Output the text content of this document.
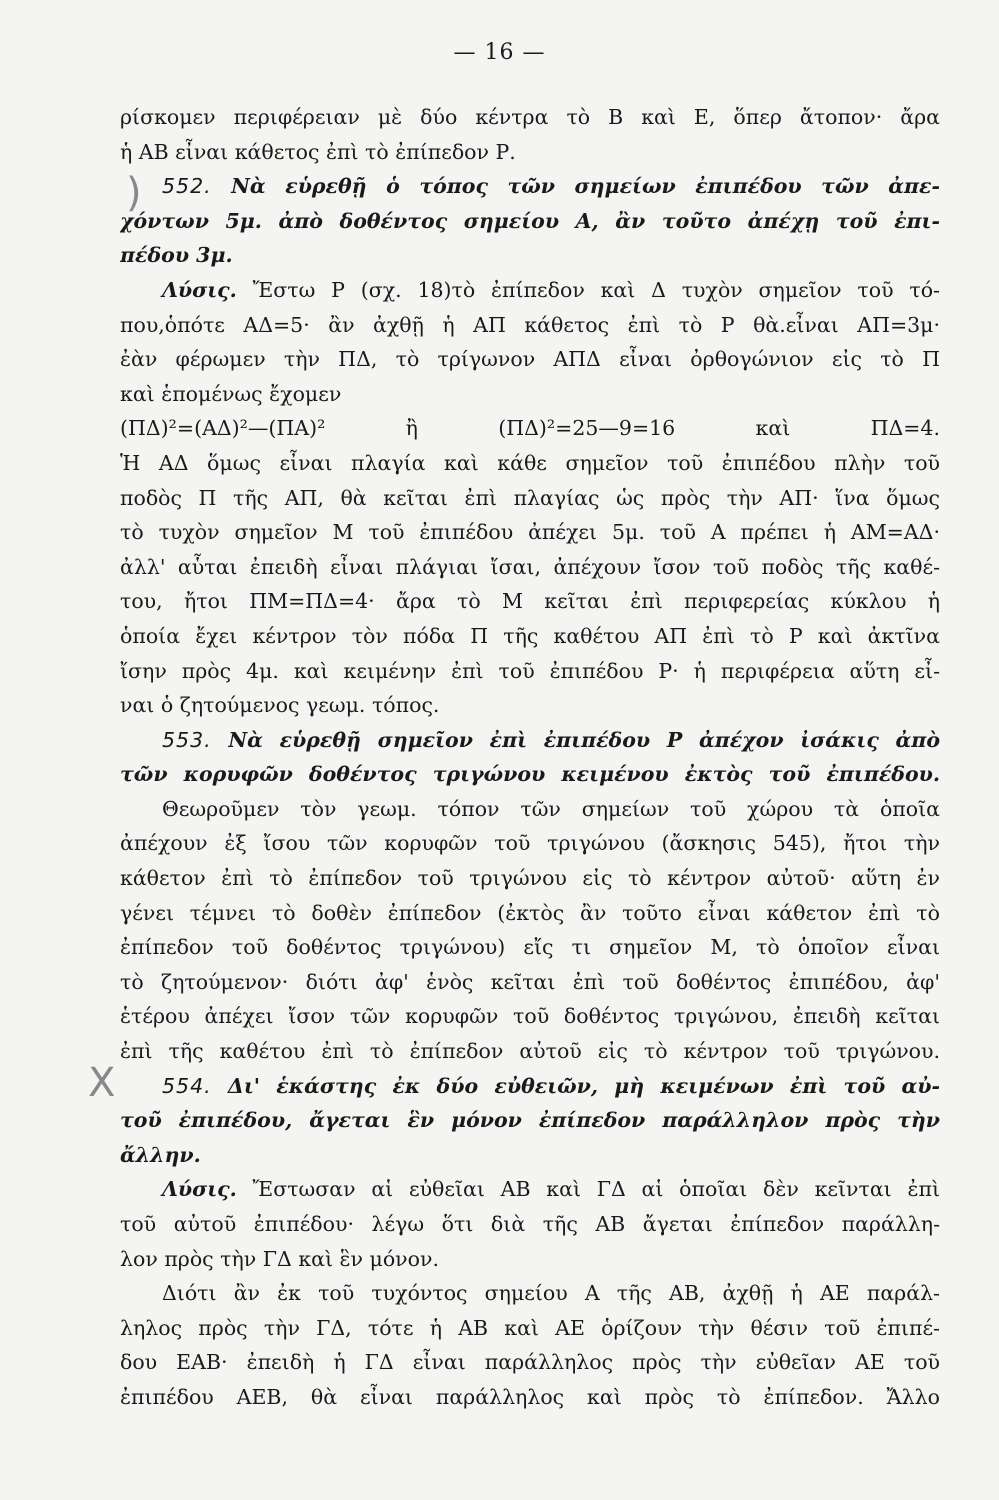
— 16 —
)
X
ρίσκομεν περιφέρειαν μὲ δύο κέντρα τὸ Β καὶ Ε, ὅπερ ἄτοπον· ἄρα
ἡ ΑΒ εἶναι κάθετος ἐπὶ τὸ ἐπίπεδον Ρ.
552. Νὰ εὑρεθῇ ὁ τόπος τῶν σημείων ἐπιπέδου τῶν ἀπε-
χόντων 5μ. ἀπὸ δοθέντος σημείου Α, ἂν τοῦτο ἀπέχῃ τοῦ ἐπι-
πέδου 3μ.
Λύσις. Ἔστω Ρ (σχ. 18)τὸ ἐπίπεδον καὶ Δ τυχὸν σημεῖον τοῦ τό-
που,ὁπότε ΑΔ=5· ἂν ἀχθῇ ἡ ΑΠ κάθετος ἐπὶ τὸ Ρ θὰ.εἶναι ΑΠ=3μ·
ἐὰν φέρωμεν τὴν ΠΔ, τὸ τρίγωνον ΑΠΔ εἶναι ὀρθογώνιον εἰς τὸ Π
καὶ ἑπομένως ἔχομεν
(ΠΔ)²=(ΑΔ)²—(ΠΑ)² ἢ (ΠΔ)²=25—9=16 καὶ ΠΔ=4.
Ἡ ΑΔ ὅμως εἶναι πλαγία καὶ κάθε σημεῖον τοῦ ἐπιπέδου πλὴν τοῦ
ποδὸς Π τῆς ΑΠ, θὰ κεῖται ἐπὶ πλαγίας ὡς πρὸς τὴν ΑΠ· ἵνα ὅμως
τὸ τυχὸν σημεῖον Μ τοῦ ἐπιπέδου ἀπέχει 5μ. τοῦ Α πρέπει ἡ ΑΜ=ΑΔ·
ἀλλ' αὗται ἐπειδὴ εἶναι πλάγιαι ἴσαι, ἀπέχουν ἴσον τοῦ ποδὸς τῆς καθέ-
του, ἤτοι ΠΜ=ΠΔ=4· ἄρα τὸ Μ κεῖται ἐπὶ περιφερείας κύκλου ἡ
ὁποία ἔχει κέντρον τὸν πόδα Π τῆς καθέτου ΑΠ ἐπὶ τὸ Ρ καὶ ἀκτῖνα
ἴσην πρὸς 4μ. καὶ κειμένην ἐπὶ τοῦ ἐπιπέδου Ρ· ἡ περιφέρεια αὕτη εἶ-
ναι ὁ ζητούμενος γεωμ. τόπος.
553. Νὰ εὑρεθῇ σημεῖον ἐπὶ ἐπιπέδου Ρ ἀπέχον ἰσάκις ἀπὸ
τῶν κορυφῶν δοθέντος τριγώνου κειμένου ἐκτὸς τοῦ ἐπιπέδου.
Θεωροῦμεν τὸν γεωμ. τόπον τῶν σημείων τοῦ χώρου τὰ ὁποῖα
ἀπέχουν ἐξ ἴσου τῶν κορυφῶν τοῦ τριγώνου (ἄσκησις 545), ἤτοι τὴν
κάθετον ἐπὶ τὸ ἐπίπεδον τοῦ τριγώνου εἰς τὸ κέντρον αὐτοῦ· αὕτη ἐν
γένει τέμνει τὸ δοθὲν ἐπίπεδον (ἐκτὸς ἂν τοῦτο εἶναι κάθετον ἐπὶ τὸ
ἐπίπεδον τοῦ δοθέντος τριγώνου) εἴς τι σημεῖον Μ, τὸ ὁποῖον εἶναι
τὸ ζητούμενον· διότι ἀφ' ἑνὸς κεῖται ἐπὶ τοῦ δοθέντος ἐπιπέδου, ἀφ'
ἑτέρου ἀπέχει ἴσον τῶν κορυφῶν τοῦ δοθέντος τριγώνου, ἐπειδὴ κεῖται
ἐπὶ τῆς καθέτου ἐπὶ τὸ ἐπίπεδον αὐτοῦ εἰς τὸ κέντρον τοῦ τριγώνου.
554. Δι' ἑκάστης ἐκ δύο εὐθειῶν, μὴ κειμένων ἐπὶ τοῦ αὐ-
τοῦ ἐπιπέδου, ἄγεται ἓν μόνον ἐπίπεδον παράλληλον πρὸς τὴν
ἄλλην.
Λύσις. Ἔστωσαν αἱ εὐθεῖαι ΑΒ καὶ ΓΔ αἱ ὁποῖαι δὲν κεῖνται ἐπὶ
τοῦ αὐτοῦ ἐπιπέδου· λέγω ὅτι διὰ τῆς ΑΒ ἄγεται ἐπίπεδον παράλλη-
λον πρὸς τὴν ΓΔ καὶ ἓν μόνον.
Διότι ἂν ἐκ τοῦ τυχόντος σημείου Α τῆς ΑΒ, ἀχθῇ ἡ ΑΕ παράλ-
ληλος πρὸς τὴν ΓΔ, τότε ἡ ΑΒ καὶ ΑΕ ὁρίζουν τὴν θέσιν τοῦ ἐπιπέ-
δου ΕΑΒ· ἐπειδὴ ἡ ΓΔ εἶναι παράλληλος πρὸς τὴν εὐθεῖαν ΑΕ τοῦ
ἐπιπέδου ΑΕΒ, θὰ εἶναι παράλληλος καὶ πρὸς τὸ ἐπίπεδον. Ἄλλο
